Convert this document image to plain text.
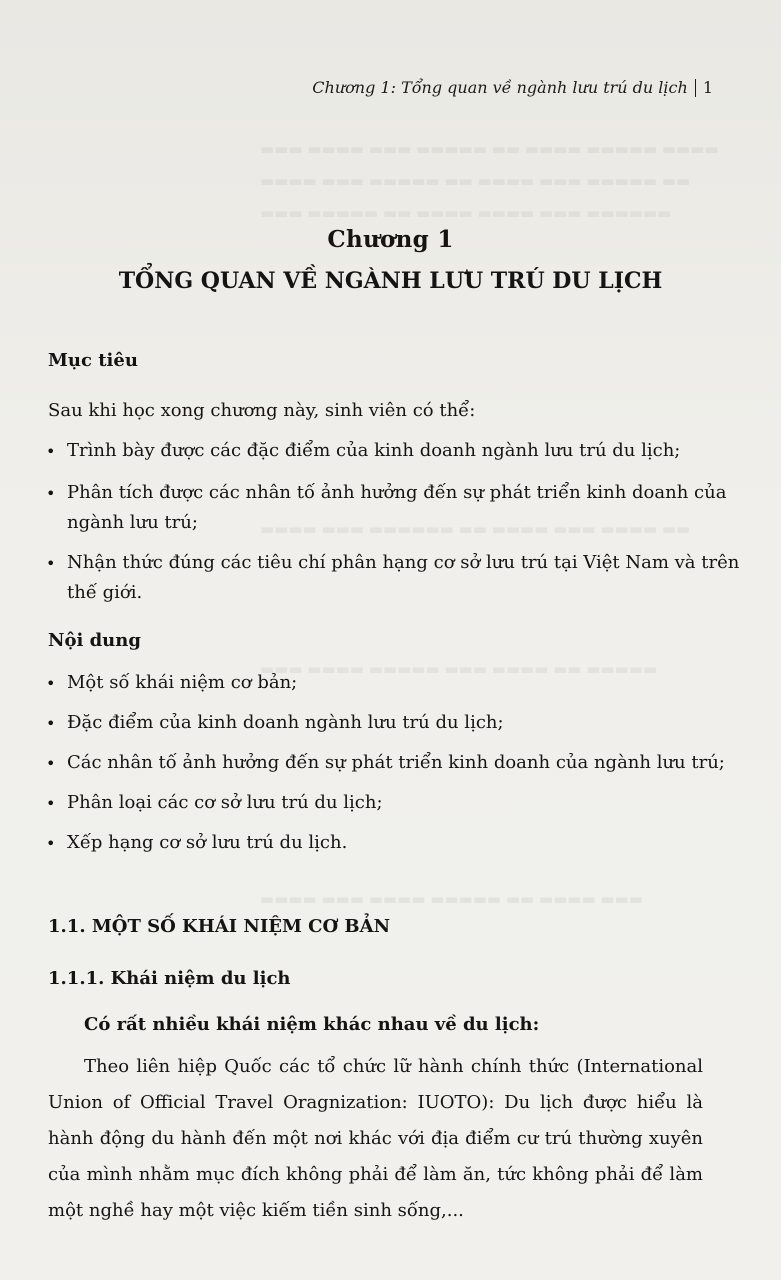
▬▬▬ ▬▬▬▬ ▬▬▬ ▬▬▬▬▬ ▬▬ ▬▬▬▬ ▬▬▬▬▬ ▬▬▬▬
▬▬▬▬ ▬▬▬ ▬▬▬▬▬ ▬▬ ▬▬▬▬ ▬▬▬ ▬▬▬▬▬ ▬▬
▬▬▬ ▬▬▬▬▬ ▬▬ ▬▬▬▬ ▬▬▬▬ ▬▬▬ ▬▬▬▬▬▬
▬▬▬▬ ▬▬▬ ▬▬▬▬▬▬ ▬▬ ▬▬▬▬ ▬▬▬ ▬▬▬▬ ▬▬
▬▬▬ ▬▬▬▬ ▬▬▬▬▬ ▬▬▬ ▬▬▬▬ ▬▬ ▬▬▬▬▬
▬▬▬▬ ▬▬▬ ▬▬▬▬ ▬▬▬▬▬ ▬▬ ▬▬▬▬ ▬▬▬
Chương 1: Tổng quan về ngành lưu trú du lịch 1
Chương 1
TỔNG QUAN VỀ NGÀNH LƯU TRÚ DU LỊCH
Mục tiêu
Sau khi học xong chương này, sinh viên có thể:
• Trình bày được các đặc điểm của kinh doanh ngành lưu trú du lịch;
• Phân tích được các nhân tố ảnh hưởng đến sự phát triển kinh doanh của
ngành lưu trú;
• Nhận thức đúng các tiêu chí phân hạng cơ sở lưu trú tại Việt Nam và trên
thế giới.
Nội dung
• Một số khái niệm cơ bản;
• Đặc điểm của kinh doanh ngành lưu trú du lịch;
• Các nhân tố ảnh hưởng đến sự phát triển kinh doanh của ngành lưu trú;
• Phân loại các cơ sở lưu trú du lịch;
• Xếp hạng cơ sở lưu trú du lịch.
1.1. MỘT SỐ KHÁI NIỆM CƠ BẢN
1.1.1. Khái niệm du lịch
Có rất nhiều khái niệm khác nhau về du lịch:
Theo liên hiệp Quốc các tổ chức lữ hành chính thức (International
Union of Official Travel Oragnization: IUOTO): Du lịch được hiểu là
hành động du hành đến một nơi khác với địa điểm cư trú thường xuyên
của mình nhằm mục đích không phải để làm ăn, tức không phải để làm
một nghề hay một việc kiếm tiền sinh sống,...
